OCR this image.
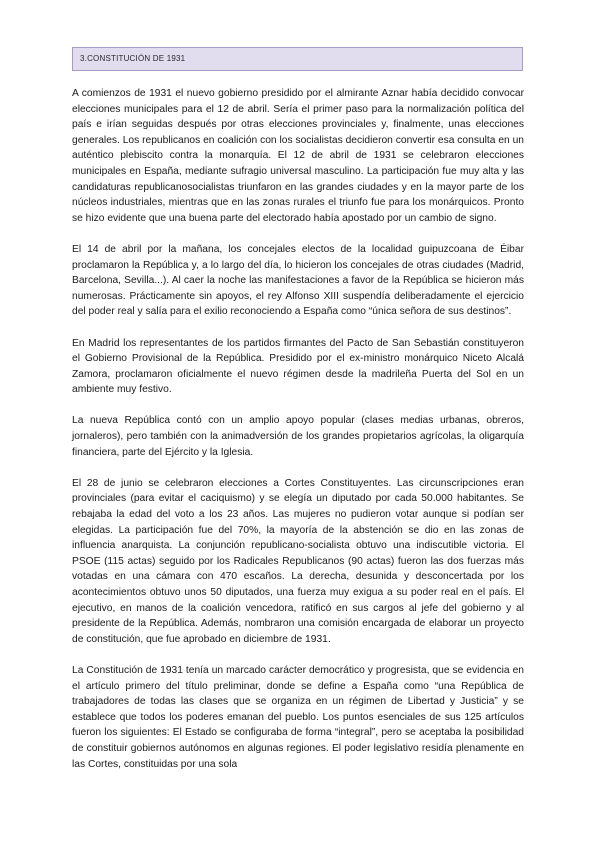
3.CONSTITUCIÓN DE 1931

A comienzos de 1931 el nuevo gobierno presidido por el almirante Aznar había decidido convocar elecciones municipales para el 12 de abril. Sería el primer paso para la normalización política del país e irían seguidas después por otras elecciones provinciales y, finalmente, unas elecciones generales. Los republicanos en coalición con los socialistas decidieron convertir esa consulta en un auténtico plebiscito contra la monarquía. El 12 de abril de 1931 se celebraron elecciones municipales en España, mediante sufragio universal masculino. La participación fue muy alta y las candidaturas republicanosocialistas triunfaron en las grandes ciudades y en la mayor parte de los núcleos industriales, mientras que en las zonas rurales el triunfo fue para los monárquicos. Pronto se hizo evidente que una buena parte del electorado había apostado por un cambio de signo.

El 14 de abril por la mañana, los concejales electos de la localidad guipuzcoana de Éibar proclamaron la República y, a lo largo del día, lo hicieron los concejales de otras ciudades (Madrid, Barcelona, Sevilla...). Al caer la noche las manifestaciones a favor de la República se hicieron más numerosas. Prácticamente sin apoyos, el rey Alfonso XIII suspendía deliberadamente el ejercicio del poder real y salía para el exilio reconociendo a España como “única señora de sus destinos”.

En Madrid los representantes de los partidos firmantes del Pacto de San Sebastián constituyeron el Gobierno Provisional de la República. Presidido por el ex-ministro monárquico Niceto Alcalá Zamora, proclamaron oficialmente el nuevo régimen desde la madrileña Puerta del Sol en un ambiente muy festivo.

La nueva República contó con un amplio apoyo popular (clases medias urbanas, obreros, jornaleros), pero también con la animadversión de los grandes propietarios agrícolas, la oligarquía financiera, parte del Ejército y la Iglesia.

El 28 de junio se celebraron elecciones a Cortes Constituyentes. Las circunscripciones eran provinciales (para evitar el caciquismo) y se elegía un diputado por cada 50.000 habitantes. Se rebajaba la edad del voto a los 23 años. Las mujeres no pudieron votar aunque si podían ser elegidas. La participación fue del 70%, la mayoría de la abstención se dio en las zonas de influencia anarquista. La conjunción republicano-socialista obtuvo una indiscutible victoria. El PSOE (115 actas) seguido por los Radicales Republicanos (90 actas) fueron las dos fuerzas más votadas en una cámara con 470 escaños. La derecha, desunida y desconcertada por los acontecimientos obtuvo unos 50 diputados, una fuerza muy exigua a su poder real en el país. El ejecutivo, en manos de la coalición vencedora, ratificó en sus cargos al jefe del gobierno y al presidente de la República. Además, nombraron una comisión encargada de elaborar un proyecto de constitución, que fue aprobado en diciembre de 1931.

La Constitución de 1931 tenía un marcado carácter democrático y progresista, que se evidencia en el artículo primero del título preliminar, donde se define a España como “una República de trabajadores de todas las clases que se organiza en un régimen de Libertad y Justicia” y se establece que todos los poderes emanan del pueblo. Los puntos esenciales de sus 125 artículos fueron los siguientes: El Estado se configuraba de forma “integral”, pero se aceptaba la posibilidad de constituir gobiernos autónomos en algunas regiones. El poder legislativo residía plenamente en las Cortes, constituidas por una sola
